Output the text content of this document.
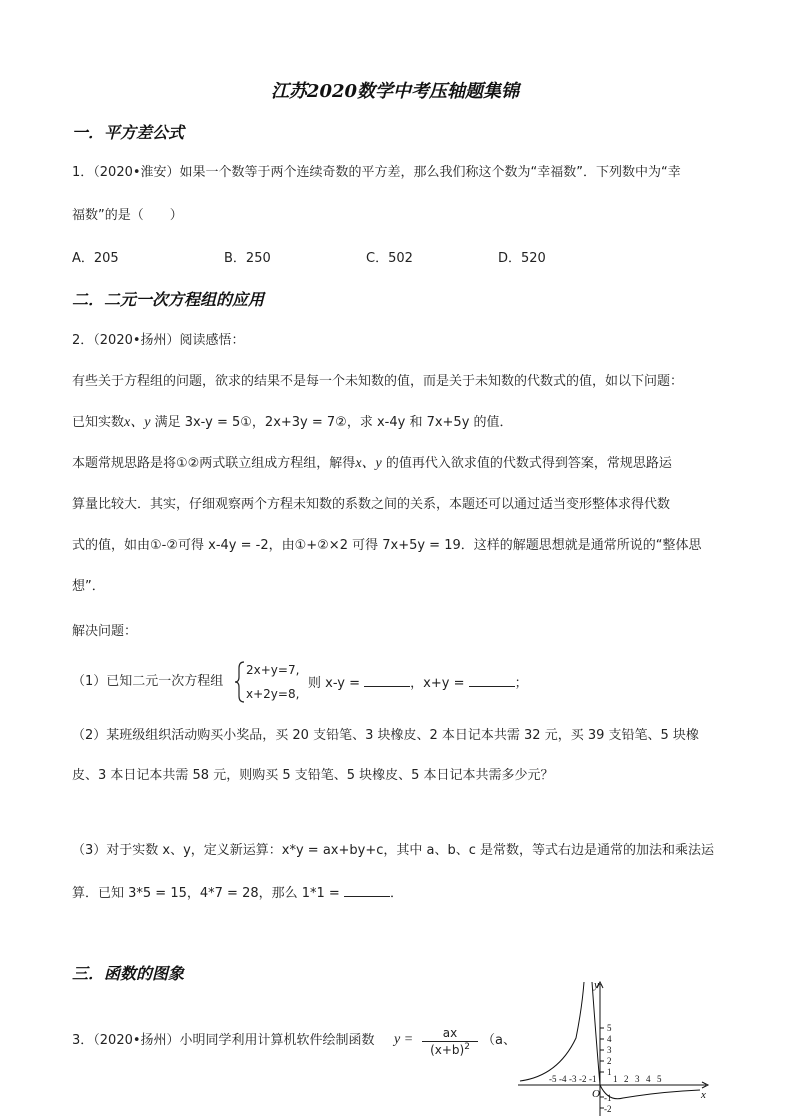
江苏2020数学中考压轴题集锦
一．平方差公式
1．（2020•淮安）如果一个数等于两个连续奇数的平方差，那么我们称这个数为“幸福数”．下列数中为“幸
福数”的是（　　）
A．205	B．250	C．502	D．520
二．二元一次方程组的应用
2．（2020•扬州）阅读感悟：
有些关于方程组的问题，欲求的结果不是每一个未知数的值，而是关于未知数的代数式的值，如以下问题：
已知实数x、y 满足 3x-y = 5①，2x+3y = 7②，求 x-4y 和 7x+5y 的值．
本题常规思路是将①②两式联立组成方程组，解得x、y 的值再代入欲求值的代数式得到答案，常规思路运
算量比较大．其实，仔细观察两个方程未知数的系数之间的关系，本题还可以通过适当变形整体求得代数
式的值，如由①-②可得 x-4y = -2，由①+②×2 可得 7x+5y = 19．这样的解题思想就是通常所说的“整体思
想”．
解决问题：
（1）已知二元一次方程组
2x+y=7,
x+2y=8,
则 x-y =	，x+y =	；
（2）某班级组织活动购买小奖品，买 20 支铅笔、3 块橡皮、2 本日记本共需 32 元，买 39 支铅笔、5 块橡
皮、3 本日记本共需 58 元，则购买 5 支铅笔、5 块橡皮、5 本日记本共需多少元？
（3）对于实数 x、y，定义新运算：x*y = ax+by+c，其中 a、b、c 是常数，等式右边是通常的加法和乘法运
算．已知 3*5 = 15，4*7 = 28，那么 1*1 =	．
三．函数的图象
3．（2020•扬州）小明同学利用计算机软件绘制函数 y =	ax
$(x+b)^2$ （a、
-5 -4 -3 -2 -1 1 2 3 4 5
5
4
3
2
1
-1
-2
O	x
y
